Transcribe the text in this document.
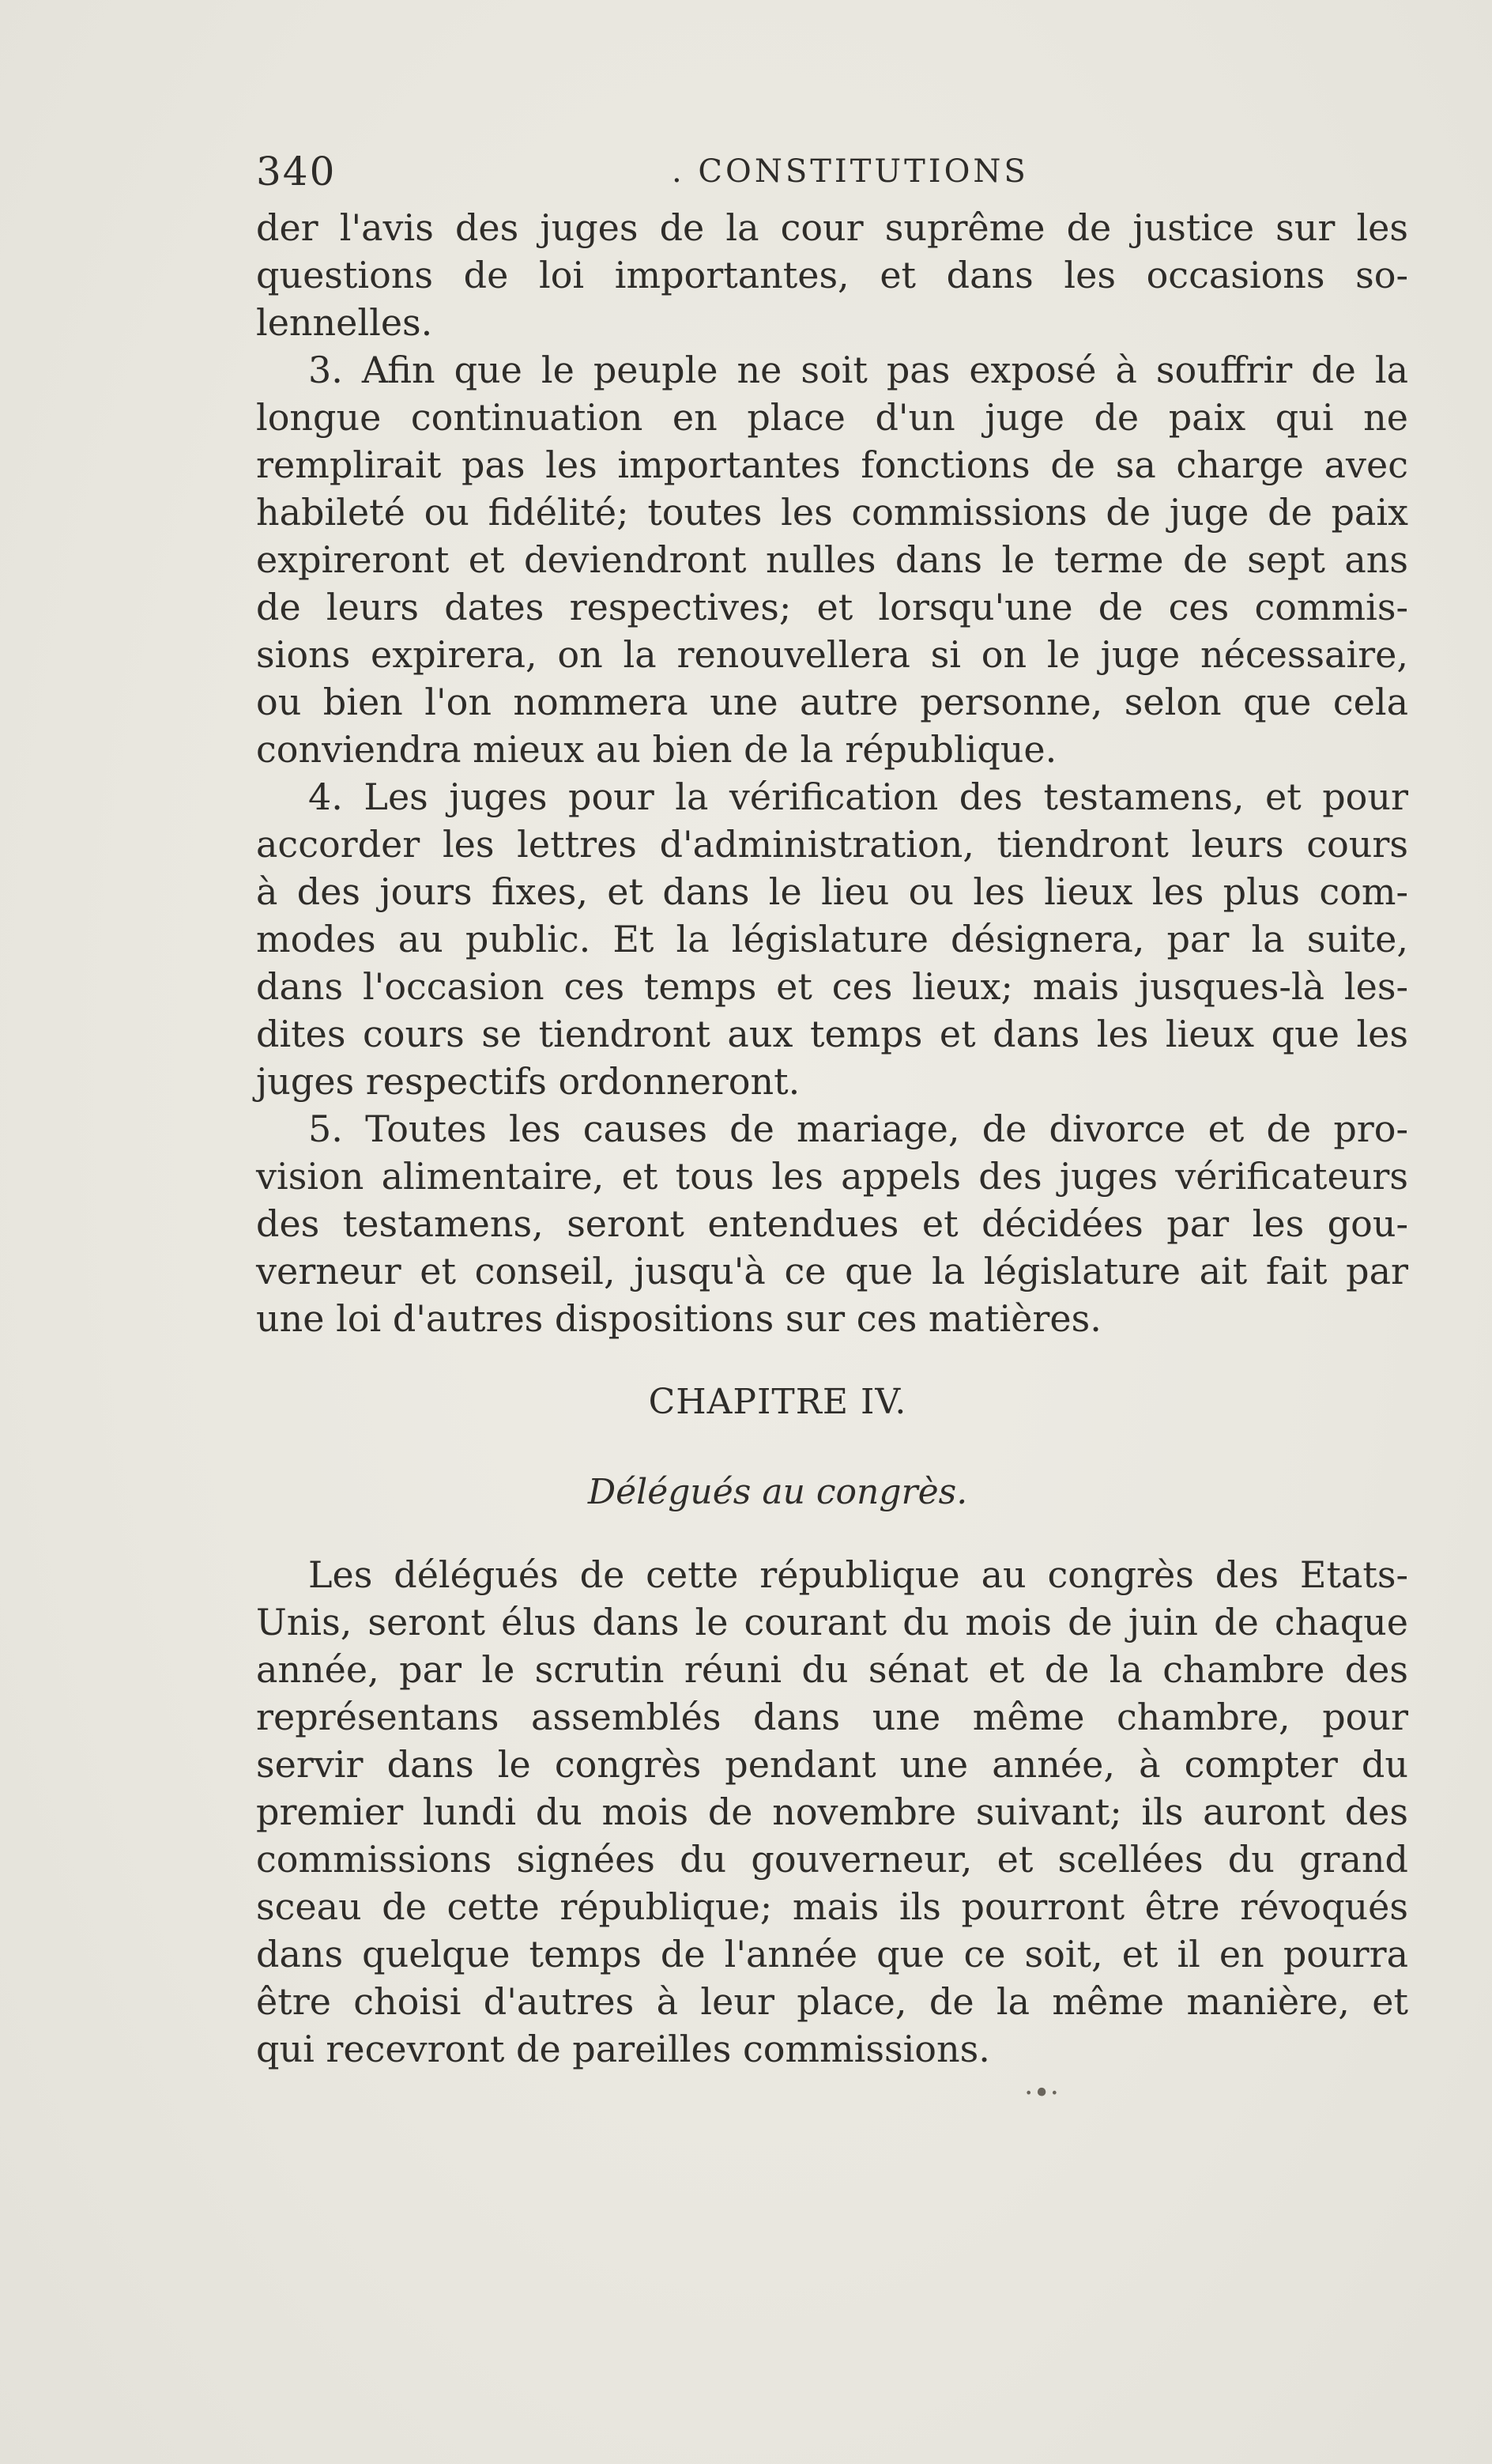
340	. CONSTITUTIONS
der l'avis des juges de la cour suprême de justice sur les
questions de loi importantes, et dans les occasions so-
lennelles.
3. Afin que le peuple ne soit pas exposé à souffrir de la
longue continuation en place d'un juge de paix qui ne
remplirait pas les importantes fonctions de sa charge avec
habileté ou fidélité; toutes les commissions de juge de paix
expireront et deviendront nulles dans le terme de sept ans
de leurs dates respectives; et lorsqu'une de ces commis-
sions expirera, on la renouvellera si on le juge nécessaire,
ou bien l'on nommera une autre personne, selon que cela
conviendra mieux au bien de la république.
4. Les juges pour la vérification des testamens, et pour
accorder les lettres d'administration, tiendront leurs cours
à des jours fixes, et dans le lieu ou les lieux les plus com-
modes au public. Et la législature désignera, par la suite,
dans l'occasion ces temps et ces lieux; mais jusques-là les-
dites cours se tiendront aux temps et dans les lieux que les
juges respectifs ordonneront.
5. Toutes les causes de mariage, de divorce et de pro-
vision alimentaire, et tous les appels des juges vérificateurs
des testamens, seront entendues et décidées par les gou-
verneur et conseil, jusqu'à ce que la législature ait fait par
une loi d'autres dispositions sur ces matières.
CHAPITRE IV.
Délégués au congrès.
Les délégués de cette république au congrès des Etats-
Unis, seront élus dans le courant du mois de juin de chaque
année, par le scrutin réuni du sénat et de la chambre des
représentans assemblés dans une même chambre, pour
servir dans le congrès pendant une année, à compter du
premier lundi du mois de novembre suivant; ils auront des
commissions signées du gouverneur, et scellées du grand
sceau de cette république; mais ils pourront être révoqués
dans quelque temps de l'année que ce soit, et il en pourra
être choisi d'autres à leur place, de la même manière, et
qui recevront de pareilles commissions.
·•·
